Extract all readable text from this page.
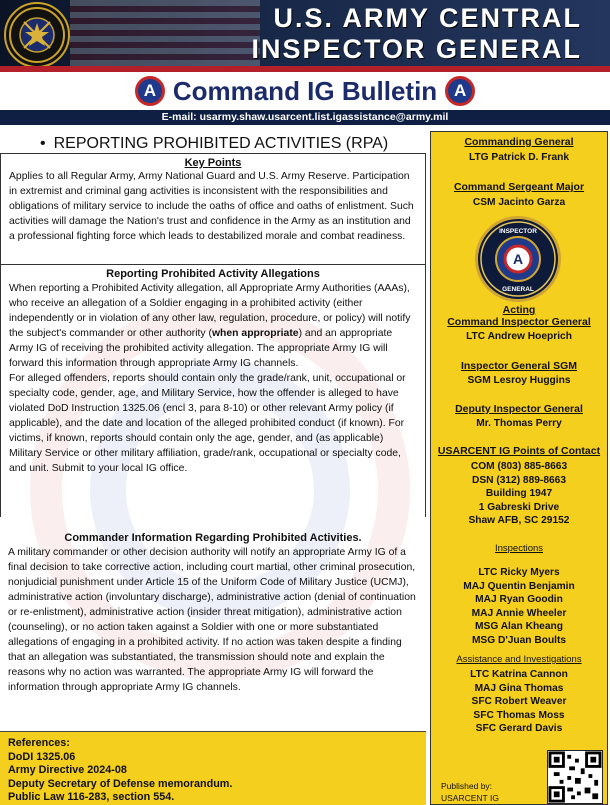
U.S. ARMY CENTRAL
INSPECTOR GENERAL
A Command IG Bulletin A
E-mail: usarmy.shaw.usarcent.list.igassistance@army.mil
• REPORTING PROHIBITED ACTIVITIES (RPA)
Key Points
Applies to all Regular Army, Army National Guard and U.S. Army Reserve. Participation in extremist and criminal gang activities is inconsistent with the responsibilities and obligations of military service to include the oaths of office and oaths of enlistment. Such activities will damage the Nation's trust and confidence in the Army as an institution and a professional fighting force which leads to destabilized morale and combat readiness.
Reporting Prohibited Activity Allegations
When reporting a Prohibited Activity allegation, all Appropriate Army Authorities (AAAs), who receive an allegation of a Soldier engaging in a prohibited activity (either independently or in violation of any other law, regulation, procedure, or policy) will notify the subject's commander or other authority (when appropriate) and an appropriate Army IG of receiving the prohibited activity allegation. The appropriate Army IG will forward this information through appropriate Army IG channels.
For alleged offenders, reports should contain only the grade/rank, unit, occupational or specialty code, gender, age, and Military Service, how the offender is alleged to have violated DoD Instruction 1325.06 (encl 3, para 8-10) or other relevant Army policy (if applicable), and the date and location of the alleged prohibited conduct (if known). For victims, if known, reports should contain only the age, gender, and (as applicable) Military Service or other military affiliation, grade/rank, occupational or specialty code, and unit. Submit to your local IG office.
Commander Information Regarding Prohibited Activities.
A military commander or other decision authority will notify an appropriate Army IG of a final decision to take corrective action, including court martial, other criminal prosecution, nonjudicial punishment under Article 15 of the Uniform Code of Military Justice (UCMJ), administrative action (involuntary discharge), administrative action (denial of continuation or re-enlistment), administrative action (insider threat mitigation), administrative action (counseling), or no action taken against a Soldier with one or more substantiated allegations of engaging in a prohibited activity. If no action was taken despite a finding that an allegation was substantiated, the transmission should note and explain the reasons why no action was warranted. The appropriate Army IG will forward the information through appropriate Army IG channels.
References:
DoDI 1325.06
Army Directive 2024-08
Deputy Secretary of Defense memorandum.
Public Law 116-283, section 554.
Commanding General
LTG Patrick D. Frank
Command Sergeant Major
CSM Jacinto Garza
A
INSPECTOR
GENERAL
Acting
Command Inspector General
LTC Andrew Hoeprich
Inspector General SGM
SGM Lesroy Huggins
Deputy Inspector General
Mr. Thomas Perry
USARCENT IG Points of Contact
COM (803) 885-8663
DSN (312) 889-8663
Building 1947
1 Gabreski Drive
Shaw AFB, SC 29152
Inspections
LTC Ricky Myers
MAJ Quentin Benjamin
MAJ Ryan Goodin
MAJ Annie Wheeler
MSG Alan Kheang
MSG D'Juan Boults
Assistance and Investigations
LTC Katrina Cannon
MAJ Gina Thomas
SFC Robert Weaver
SFC Thomas Moss
SFC Gerard Davis
Published by:
USARCENT IG
